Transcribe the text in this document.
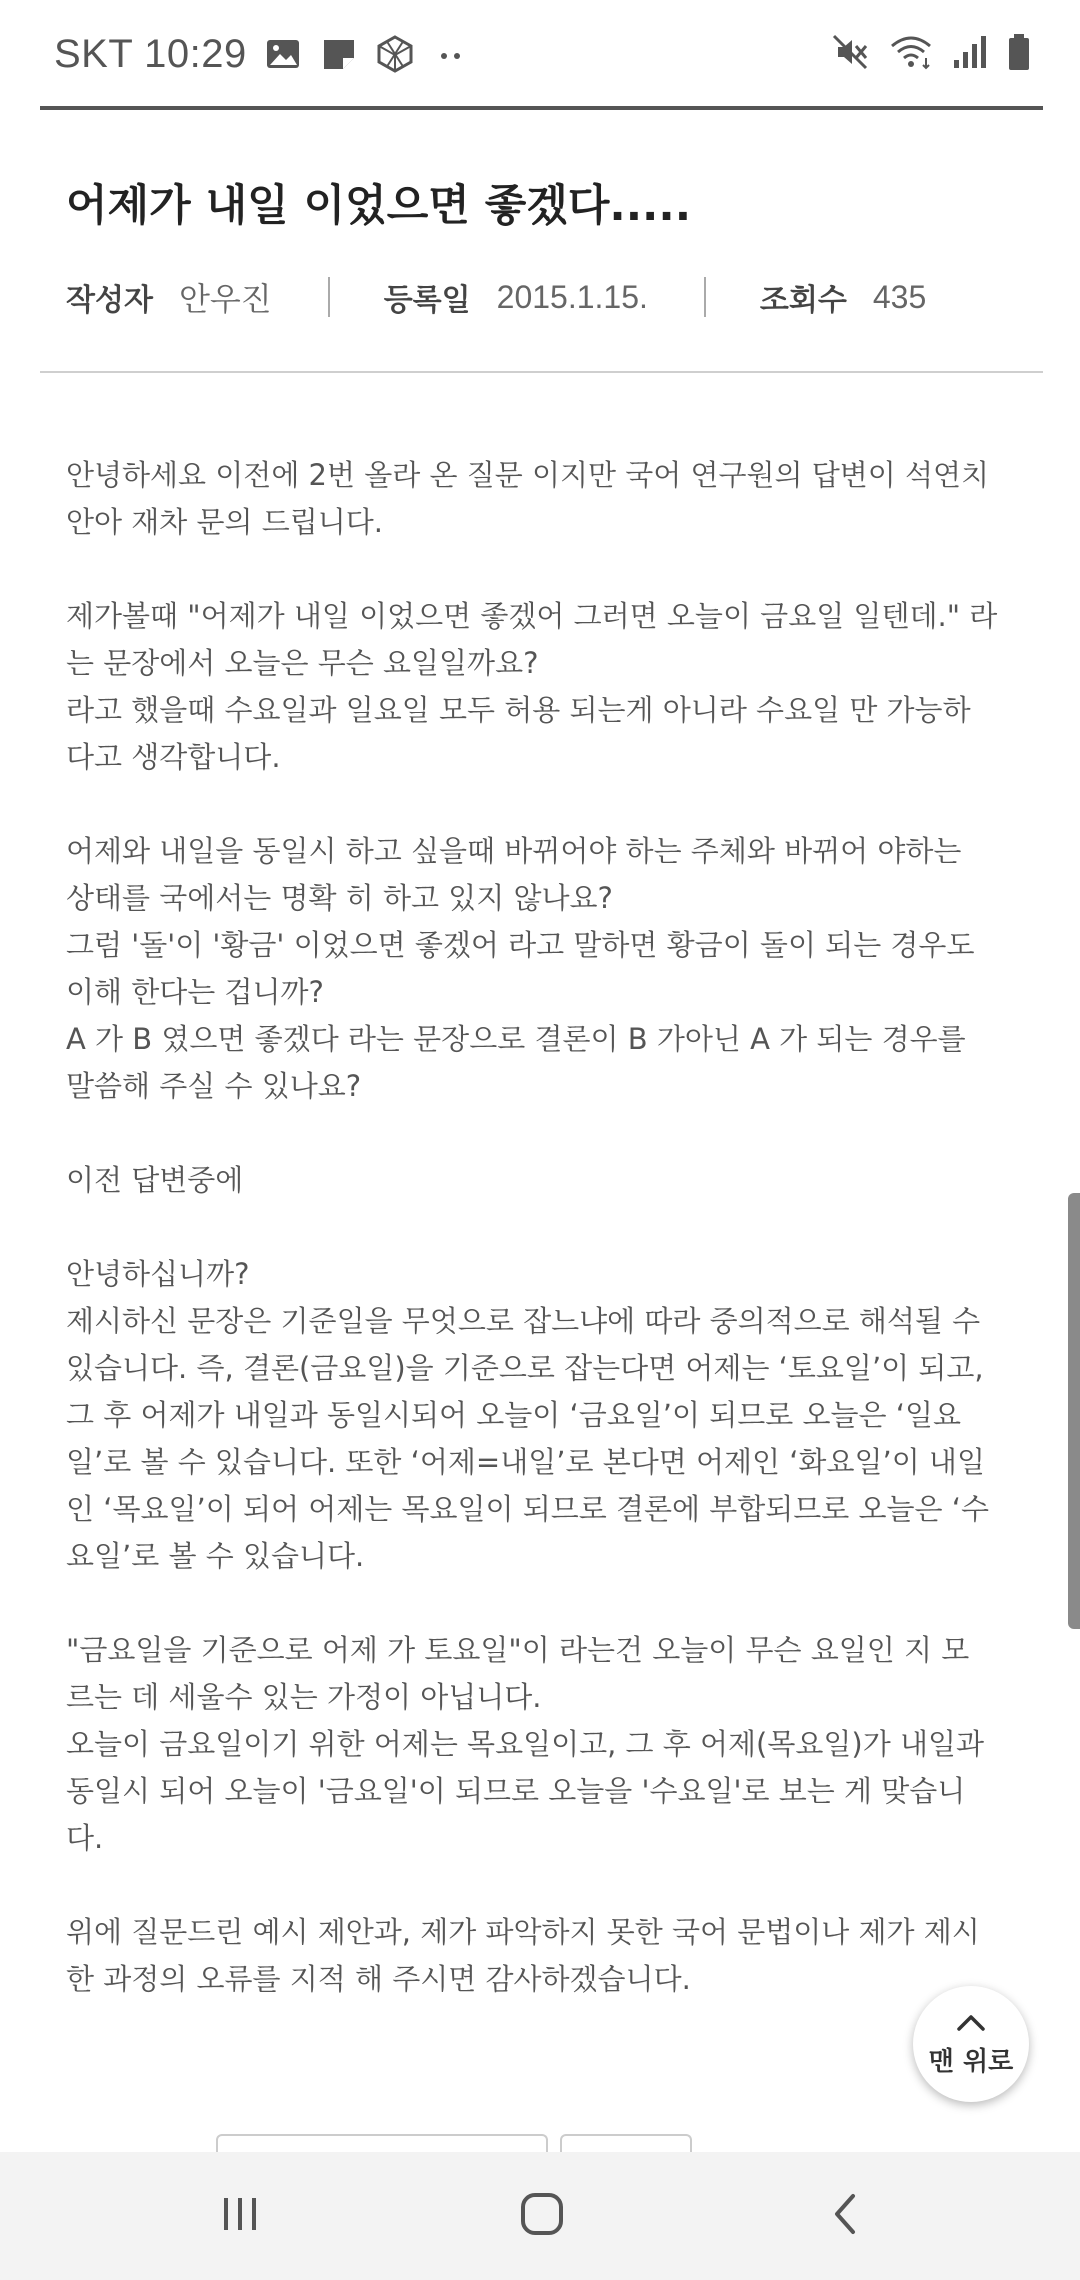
SKT 10:29
어제가 내일 이었으면 좋겠다.....
작성자 안우진	등록일 2015.1.15.	조회수 435

안녕하세요 이전에 2번 올라 온 질문 이지만 국어 연구원의 답변이 석연치

안아 재차 문의 드립니다.

제가볼때 "어제가 내일 이었으면 좋겠어 그러면 오늘이 금요일 일텐데." 라

는 문장에서 오늘은 무슨 요일일까요?

라고 했을때 수요일과 일요일 모두 허용 되는게 아니라 수요일 만 가능하

다고 생각합니다.

어제와 내일을 동일시 하고 싶을때 바뀌어야 하는 주체와 바뀌어 야하는

상태를 국에서는 명확 히 하고 있지 않나요?

그럼 '돌'이 '황금' 이었으면 좋겠어 라고 말하면 황금이 돌이 되는 경우도

이해 한다는 겁니까?

A 가 B 였으면 좋겠다 라는 문장으로 결론이 B 가아닌 A 가 되는 경우를

말씀해 주실 수 있나요?

이전 답변중에

안녕하십니까?

제시하신 문장은 기준일을 무엇으로 잡느냐에 따라 중의적으로 해석될 수

있습니다. 즉, 결론(금요일)을 기준으로 잡는다면 어제는 ‘토요일’이 되고,

그 후 어제가 내일과 동일시되어 오늘이 ‘금요일’이 되므로 오늘은 ‘일요

일’로 볼 수 있습니다. 또한 ‘어제=내일’로 본다면 어제인 ‘화요일’이 내일

인 ‘목요일’이 되어 어제는 목요일이 되므로 결론에 부합되므로 오늘은 ‘수

요일’로 볼 수 있습니다.

"금요일을 기준으로 어제 가 토요일"이 라는건 오늘이 무슨 요일인 지 모

르는 데 세울수 있는 가정이 아닙니다.

오늘이 금요일이기 위한 어제는 목요일이고, 그 후 어제(목요일)가 내일과

동일시 되어 오늘이 '금요일'이 되므로 오늘을 '수요일'로 보는 게 맞습니

다.

위에 질문드린 예시 제안과, 제가 파악하지 못한 국어 문법이나 제가 제시

한 과정의 오류를 지적 해 주시면 감사하겠습니다.

맨 위로
